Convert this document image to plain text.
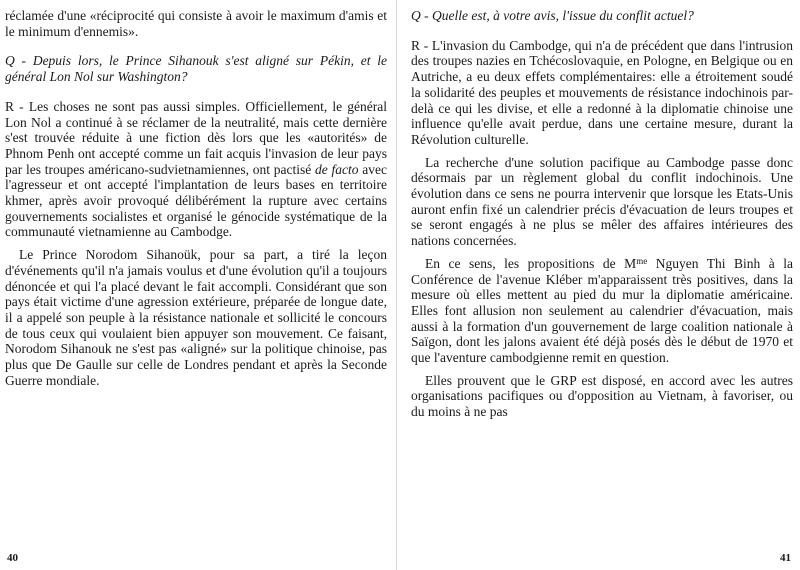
réclamée d'une «réciprocité qui consiste à avoir le maximum d'amis et le minimum d'ennemis».

Q - Depuis lors, le Prince Sihanouk s'est aligné sur Pékin, et le général Lon Nol sur Washington?

R - Les choses ne sont pas aussi simples. Officiellement, le général Lon Nol a continué à se réclamer de la neutralité, mais cette dernière s'est trouvée réduite à une fiction dès lors que les «autorités» de Phnom Penh ont accepté comme un fait acquis l'invasion de leur pays par les troupes américano-sudvietnamiennes, ont pactisé de facto avec l'agresseur et ont accepté l'implantation de leurs bases en territoire khmer, après avoir provoqué délibérément la rupture avec certains gouvernements socialistes et organisé le génocide systématique de la communauté vietnamienne au Cambodge.

Le Prince Norodom Sihanoük, pour sa part, a tiré la leçon d'événements qu'il n'a jamais voulus et d'une évolution qu'il a toujours dénoncée et qui l'a placé devant le fait accompli. Considérant que son pays était victime d'une agression extérieure, préparée de longue date, il a appelé son peuple à la résistance nationale et sollicité le concours de tous ceux qui voulaient bien appuyer son mouvement. Ce faisant, Norodom Sihanouk ne s'est pas «aligné» sur la politique chinoise, pas plus que De Gaulle sur celle de Londres pendant et après la Seconde Guerre mondiale.

40

Q - Quelle est, à votre avis, l'issue du conflit actuel?

R - L'invasion du Cambodge, qui n'a de précédent que dans l'intrusion des troupes nazies en Tchécoslovaquie, en Pologne, en Belgique ou en Autriche, a eu deux effets complémentaires: elle a étroitement soudé la solidarité des peuples et mouvements de résistance indochinois par-delà ce qui les divise, et elle a redonné à la diplomatie chinoise une influence qu'elle avait perdue, dans une certaine mesure, durant la Révolution culturelle.

La recherche d'une solution pacifique au Cambodge passe donc désormais par un règlement global du conflit indochinois. Une évolution dans ce sens ne pourra intervenir que lorsque les Etats-Unis auront enfin fixé un calendrier précis d'évacuation de leurs troupes et se seront engagés à ne plus se mêler des affaires intérieures des nations concernées.

En ce sens, les propositions de $M^{me}$ Nguyen Thi Binh à la Conférence de l'avenue Kléber m'apparaissent très positives, dans la mesure où elles mettent au pied du mur la diplomatie américaine. Elles font allusion non seulement au calendrier d'évacuation, mais aussi à la formation d'un gouvernement de large coalition nationale à Saïgon, dont les jalons avaient été déjà posés dès le début de 1970 et que l'aventure cambodgienne remit en question.

Elles prouvent que le GRP est disposé, en accord avec les autres organisations pacifiques ou d'opposition au Vietnam, à favoriser, ou du moins à ne pas

41
